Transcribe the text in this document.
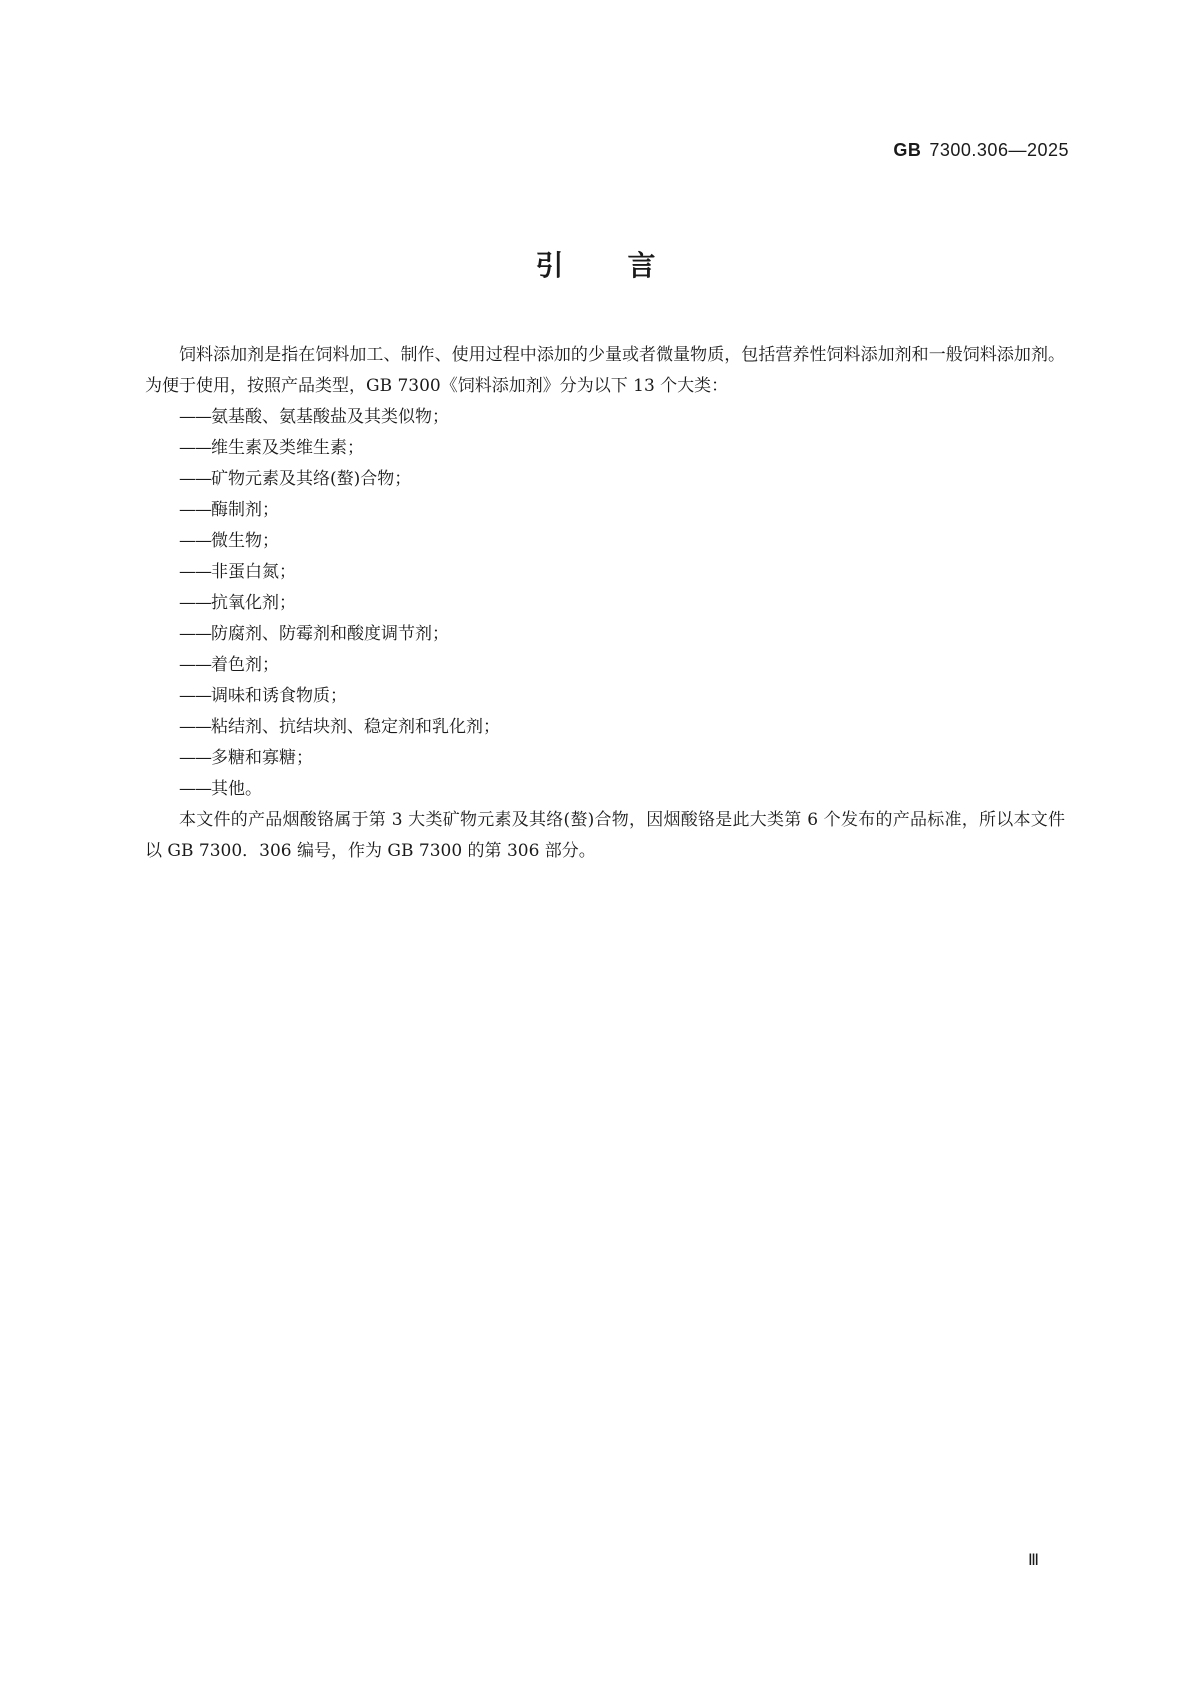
GB 7300.306—2025
引言

饲料添加剂是指在饲料加工、制作、使用过程中添加的少量或者微量物质，包括营养性饲料添加剂和一般饲料添加剂。为便于使用，按照产品类型，GB 7300《饲料添加剂》分为以下 13 个大类：

——氨基酸、氨基酸盐及其类似物；
——维生素及类维生素；
——矿物元素及其络(螯)合物；
——酶制剂；
——微生物；
——非蛋白氮；
——抗氧化剂；
——防腐剂、防霉剂和酸度调节剂；
——着色剂；
——调味和诱食物质；
——粘结剂、抗结块剂、稳定剂和乳化剂；
——多糖和寡糖；
——其他。

本文件的产品烟酸铬属于第 3 大类矿物元素及其络(螯)合物，因烟酸铬是此大类第 6 个发布的产品标准，所以本文件以 GB 7300．306 编号，作为 GB 7300 的第 306 部分。

Ⅲ
